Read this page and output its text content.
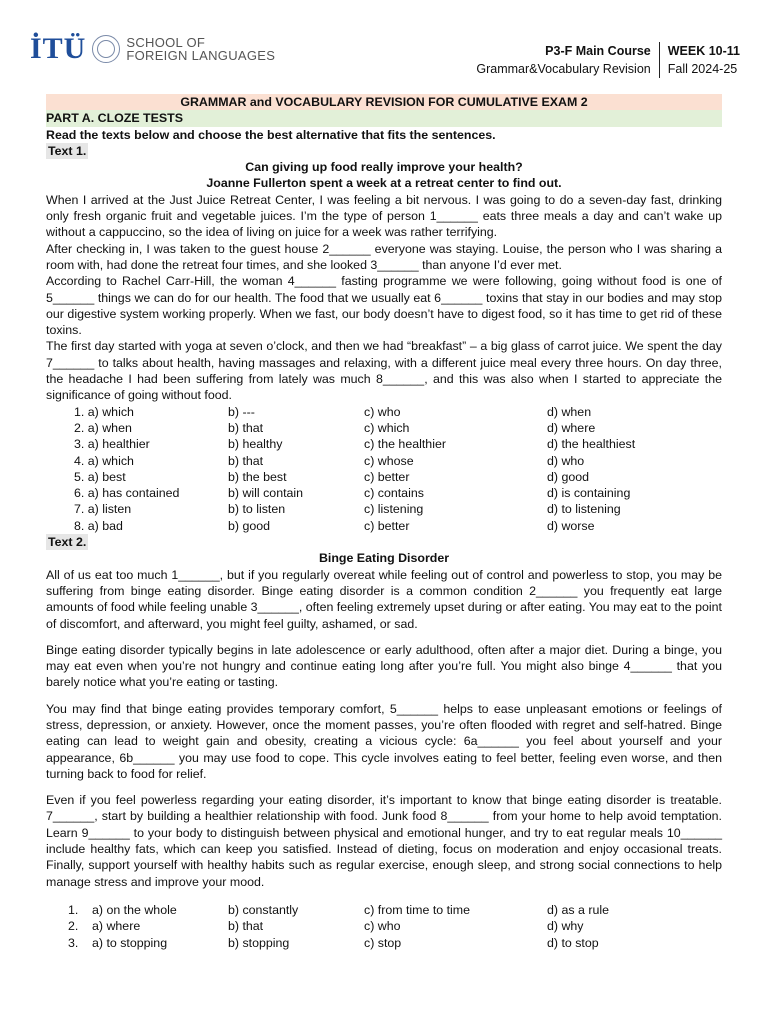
İTÜ	SCHOOL OF
FOREIGN LANGUAGES	P3-F Main Course
Grammar&Vocabulary Revision
WEEK 10-11
Fall 2024-25
GRAMMAR and VOCABULARY REVISION FOR CUMULATIVE EXAM 2
PART A. CLOZE TESTS
Read the texts below and choose the best alternative that fits the sentences.
Text 1.
Can giving up food really improve your health?
Joanne Fullerton spent a week at a retreat center to find out.

When I arrived at the Just Juice Retreat Center, I was feeling a bit nervous. I was going to do a seven-day fast, drinking only fresh organic fruit and vegetable juices. I’m the type of person 1______ eats three meals a day and can’t wake up without a cappuccino, so the idea of living on juice for a week was rather terrifying.

After checking in, I was taken to the guest house 2______ everyone was staying. Louise, the person who I was sharing a room with, had done the retreat four times, and she looked 3______ than anyone I’d ever met.

According to Rachel Carr-Hill, the woman 4______ fasting programme we were following, going without food is one of 5______ things we can do for our health. The food that we usually eat 6______ toxins that stay in our bodies and may stop our digestive system working properly. When we fast, our body doesn’t have to digest food, so it has time to get rid of these toxins.

The first day started with yoga at seven o’clock, and then we had “breakfast” – a big glass of carrot juice. We spent the day 7______ to talks about health, having massages and relaxing, with a different juice meal every three hours. On day three, the headache I had been suffering from lately was much 8______, and this was also when I started to appreciate the significance of going without food.

1. a) which	b) ---	c) who	d) when
2. a) when	b) that	c) which	d) where
3. a) healthier	b) healthy	c) the healthier	d) the healthiest
4. a) which	b) that	c) whose	d) who
5. a) best	b) the best	c) better	d) good
6. a) has contained	b) will contain	c) contains	d) is containing
7. a) listen	b) to listen	c) listening	d) to listening
8. a) bad	b) good	c) better	d) worse
Text 2.
Binge Eating Disorder

All of us eat too much 1______, but if you regularly overeat while feeling out of control and powerless to stop, you may be suffering from binge eating disorder. Binge eating disorder is a common condition 2______ you frequently eat large amounts of food while feeling unable 3______, often feeling extremely upset during or after eating. You may eat to the point of discomfort, and afterward, you might feel guilty, ashamed, or sad.

Binge eating disorder typically begins in late adolescence or early adulthood, often after a major diet. During a binge, you may eat even when you’re not hungry and continue eating long after you’re full. You might also binge 4______ that you barely notice what you’re eating or tasting.

You may find that binge eating provides temporary comfort, 5______ helps to ease unpleasant emotions or feelings of stress, depression, or anxiety. However, once the moment passes, you’re often flooded with regret and self-hatred. Binge eating can lead to weight gain and obesity, creating a vicious cycle: 6a______ you feel about yourself and your appearance, 6b______ you may use food to cope. This cycle involves eating to feel better, feeling even worse, and then turning back to food for relief.

Even if you feel powerless regarding your eating disorder, it’s important to know that binge eating disorder is treatable. 7______, start by building a healthier relationship with food. Junk food 8______ from your home to help avoid temptation. Learn 9______ to your body to distinguish between physical and emotional hunger, and try to eat regular meals 10______ include healthy fats, which can keep you satisfied. Instead of dieting, focus on moderation and enjoy occasional treats. Finally, support yourself with healthy habits such as regular exercise, enough sleep, and strong social connections to help manage stress and improve your mood.

1.	a) on the whole	b) constantly	c) from time to time	d) as a rule
2.	a) where	b) that	c) who	d) why
3.	a) to stopping	b) stopping	c) stop	d) to stop
